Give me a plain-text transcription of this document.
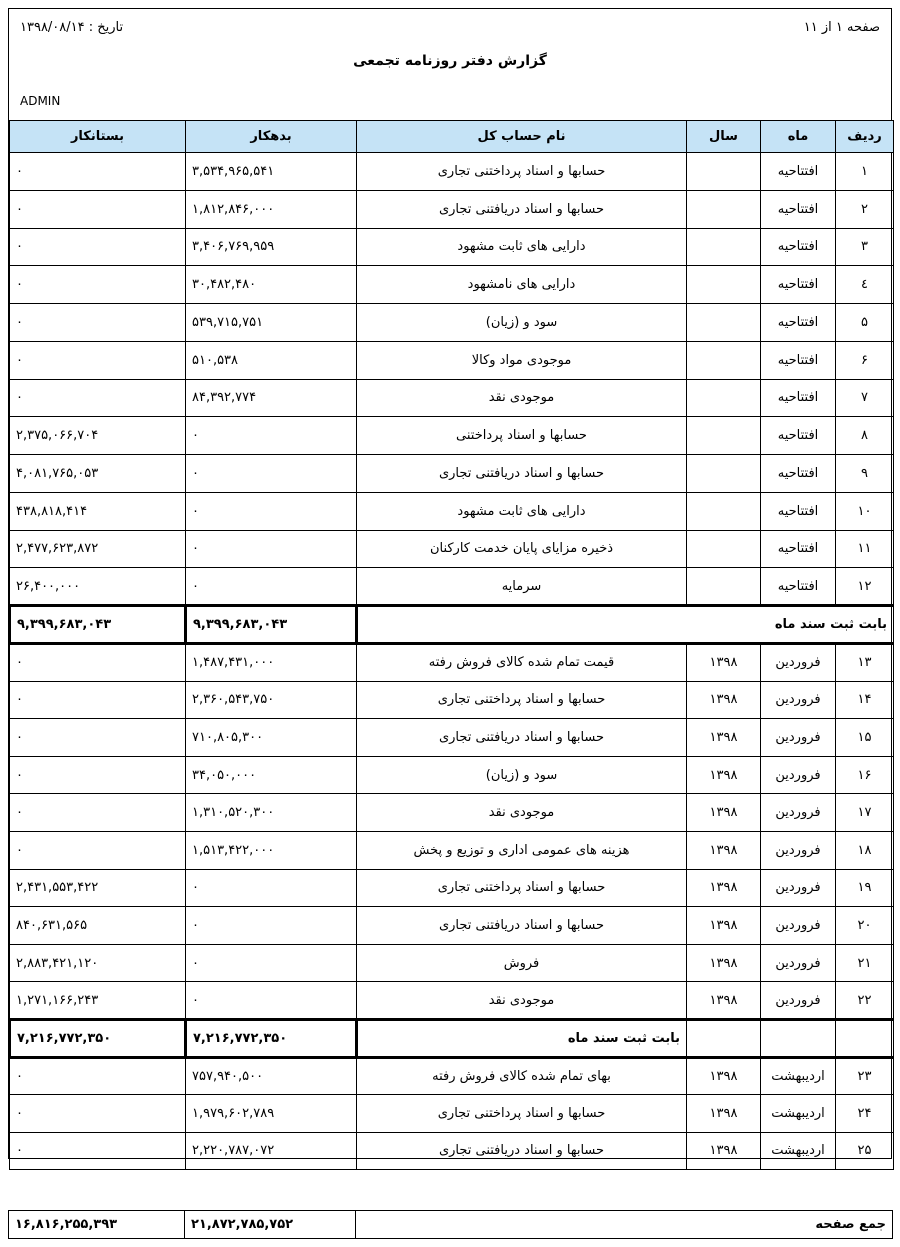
صفحه ۱ از ۱۱
تاریخ : ۱۳۹۸/۰۸/۱۴
گزارش دفتر روزنامه تجمعی
ADMIN
ردیف	ماه	سال	نام حساب کل	بدهکار	بستانکار
۱	افتتاحیه		حسابها و اسناد پرداختنی تجاری	۳,۵۳۴,۹۶۵,۵۴۱	۰
۲	افتتاحیه		حسابها و اسناد دریافتنی تجاری	۱,۸۱۲,۸۴۶,۰۰۰	۰
۳	افتتاحیه		دارایی های ثابت مشهود	۳,۴۰۶,۷۶۹,۹۵۹	۰
٤	افتتاحیه		دارایی های نامشهود	۳۰,۴۸۲,۴۸۰	۰
۵	افتتاحیه		سود و (زیان)	۵۳۹,۷۱۵,۷۵۱	۰
۶	افتتاحیه		موجودی مواد وکالا	۵۱۰,۵۳۸	۰
۷	افتتاحیه		موجودی نقد	۸۴,۳۹۲,۷۷۴	۰
۸	افتتاحیه		حسابها و اسناد پرداختنی	۰	۲,۳۷۵,۰۶۶,۷۰۴
۹	افتتاحیه		حسابها و اسناد دریافتنی تجاری	۰	۴,۰۸۱,۷۶۵,۰۵۳
۱۰	افتتاحیه		دارایی های ثابت مشهود	۰	۴۳۸,۸۱۸,۴۱۴
۱۱	افتتاحیه		ذخیره مزایای پایان خدمت کارکنان	۰	۲,۴۷۷,۶۲۳,۸۷۲
۱۲	افتتاحیه		سرمایه	۰	۲۶,۴۰۰,۰۰۰
بابت ثبت سند ماه				۹,۳۹۹,۶۸۳,۰۴۳	۹,۳۹۹,۶۸۳,۰۴۳
۱۳	فروردین	۱۳۹۸	قیمت تمام شده کالای فروش رفته	۱,۴۸۷,۴۳۱,۰۰۰	۰
۱۴	فروردین	۱۳۹۸	حسابها و اسناد پرداختنی تجاری	۲,۳۶۰,۵۴۳,۷۵۰	۰
۱۵	فروردین	۱۳۹۸	حسابها و اسناد دریافتنی تجاری	۷۱۰,۸۰۵,۳۰۰	۰
۱۶	فروردین	۱۳۹۸	سود و (زیان)	۳۴,۰۵۰,۰۰۰	۰
۱۷	فروردین	۱۳۹۸	موجودی نقد	۱,۳۱۰,۵۲۰,۳۰۰	۰
۱۸	فروردین	۱۳۹۸	هزینه های عمومی اداری و توزیع و پخش	۱,۵۱۳,۴۲۲,۰۰۰	۰
۱۹	فروردین	۱۳۹۸	حسابها و اسناد پرداختنی تجاری	۰	۲,۴۳۱,۵۵۳,۴۲۲
۲۰	فروردین	۱۳۹۸	حسابها و اسناد دریافتنی تجاری	۰	۸۴۰,۶۳۱,۵۶۵
۲۱	فروردین	۱۳۹۸	فروش	۰	۲,۸۸۳,۴۲۱,۱۲۰
۲۲	فروردین	۱۳۹۸	موجودی نقد	۰	۱,۲۷۱,۱۶۶,۲۴۳
			بابت ثبت سند ماه	۷,۲۱۶,۷۷۲,۳۵۰	۷,۲۱۶,۷۷۲,۳۵۰
۲۳	اردیبهشت	۱۳۹۸	بهای تمام شده کالای فروش رفته	۷۵۷,۹۴۰,۵۰۰	۰
۲۴	اردیبهشت	۱۳۹۸	حسابها و اسناد پرداختنی تجاری	۱,۹۷۹,۶۰۲,۷۸۹	۰
۲۵	اردیبهشت	۱۳۹۸	حسابها و اسناد دریافتنی تجاری	۲,۲۲۰,۷۸۷,۰۷۲	۰
جمع صفحه	۲۱,۸۷۲,۷۸۵,۷۵۲	۱۶,۸۱۶,۲۵۵,۳۹۳
